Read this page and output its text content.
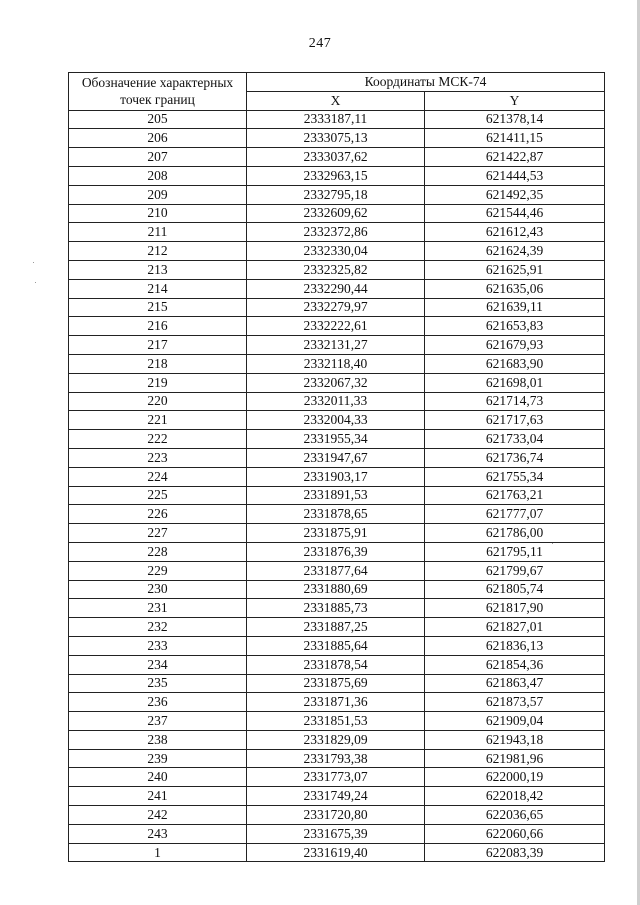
247
Обозначение характерных точек границ	Координаты МСК-74	
	X	Y
205	2333187,11	621378,14
206	2333075,13	621411,15
207	2333037,62	621422,87
208	2332963,15	621444,53
209	2332795,18	621492,35
210	2332609,62	621544,46
211	2332372,86	621612,43
212	2332330,04	621624,39
213	2332325,82	621625,91
214	2332290,44	621635,06
215	2332279,97	621639,11
216	2332222,61	621653,83
217	2332131,27	621679,93
218	2332118,40	621683,90
219	2332067,32	621698,01
220	2332011,33	621714,73
221	2332004,33	621717,63
222	2331955,34	621733,04
223	2331947,67	621736,74
224	2331903,17	621755,34
225	2331891,53	621763,21
226	2331878,65	621777,07
227	2331875,91	621786,00
228	2331876,39	621795,11
229	2331877,64	621799,67
230	2331880,69	621805,74
231	2331885,73	621817,90
232	2331887,25	621827,01
233	2331885,64	621836,13
234	2331878,54	621854,36
235	2331875,69	621863,47
236	2331871,36	621873,57
237	2331851,53	621909,04
238	2331829,09	621943,18
239	2331793,38	621981,96
240	2331773,07	622000,19
241	2331749,24	622018,42
242	2331720,80	622036,65
243	2331675,39	622060,66
1	2331619,40	622083,39
